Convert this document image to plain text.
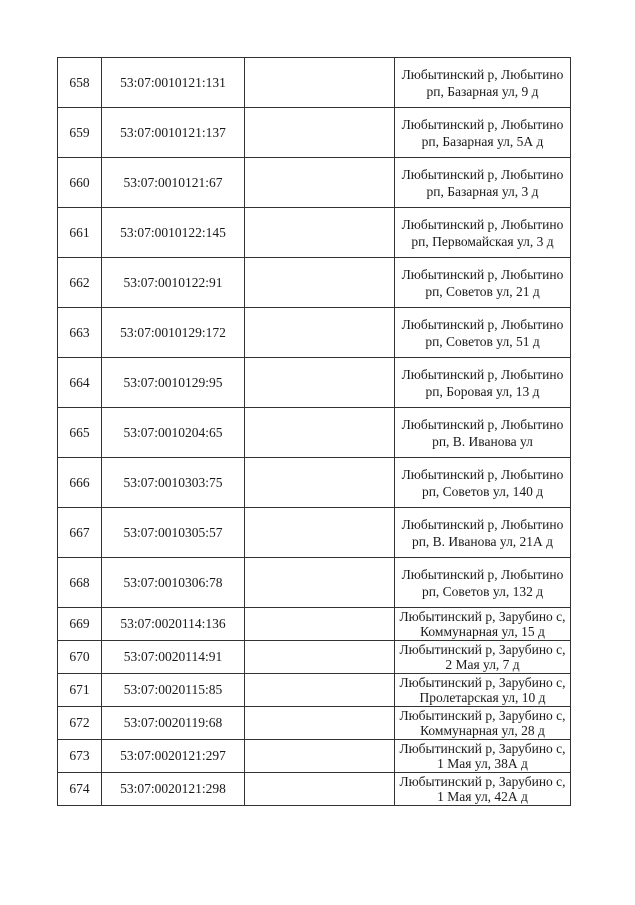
658	53:07:0010121:131		Любытинский р, Любытино
рп, Базарная ул, 9 д
659	53:07:0010121:137		Любытинский р, Любытино
рп, Базарная ул, 5А д
660	53:07:0010121:67		Любытинский р, Любытино
рп, Базарная ул, 3 д
661	53:07:0010122:145		Любытинский р, Любытино
рп, Первомайская ул, 3 д
662	53:07:0010122:91		Любытинский р, Любытино
рп, Советов ул, 21 д
663	53:07:0010129:172		Любытинский р, Любытино
рп, Советов ул, 51 д
664	53:07:0010129:95		Любытинский р, Любытино
рп, Боровая ул, 13 д
665	53:07:0010204:65		Любытинский р, Любытино
рп, В. Иванова ул
666	53:07:0010303:75		Любытинский р, Любытино
рп, Советов ул, 140 д
667	53:07:0010305:57		Любытинский р, Любытино
рп, В. Иванова ул, 21А д
668	53:07:0010306:78		Любытинский р, Любытино
рп, Советов ул, 132 д
669	53:07:0020114:136		Любытинский р, Зарубино с,
Коммунарная ул, 15 д
670	53:07:0020114:91		Любытинский р, Зарубино с,
2 Мая ул, 7 д
671	53:07:0020115:85		Любытинский р, Зарубино с,
Пролетарская ул, 10 д
672	53:07:0020119:68		Любытинский р, Зарубино с,
Коммунарная ул, 28 д
673	53:07:0020121:297		Любытинский р, Зарубино с,
1 Мая ул, 38А д
674	53:07:0020121:298		Любытинский р, Зарубино с,
1 Мая ул, 42А д
